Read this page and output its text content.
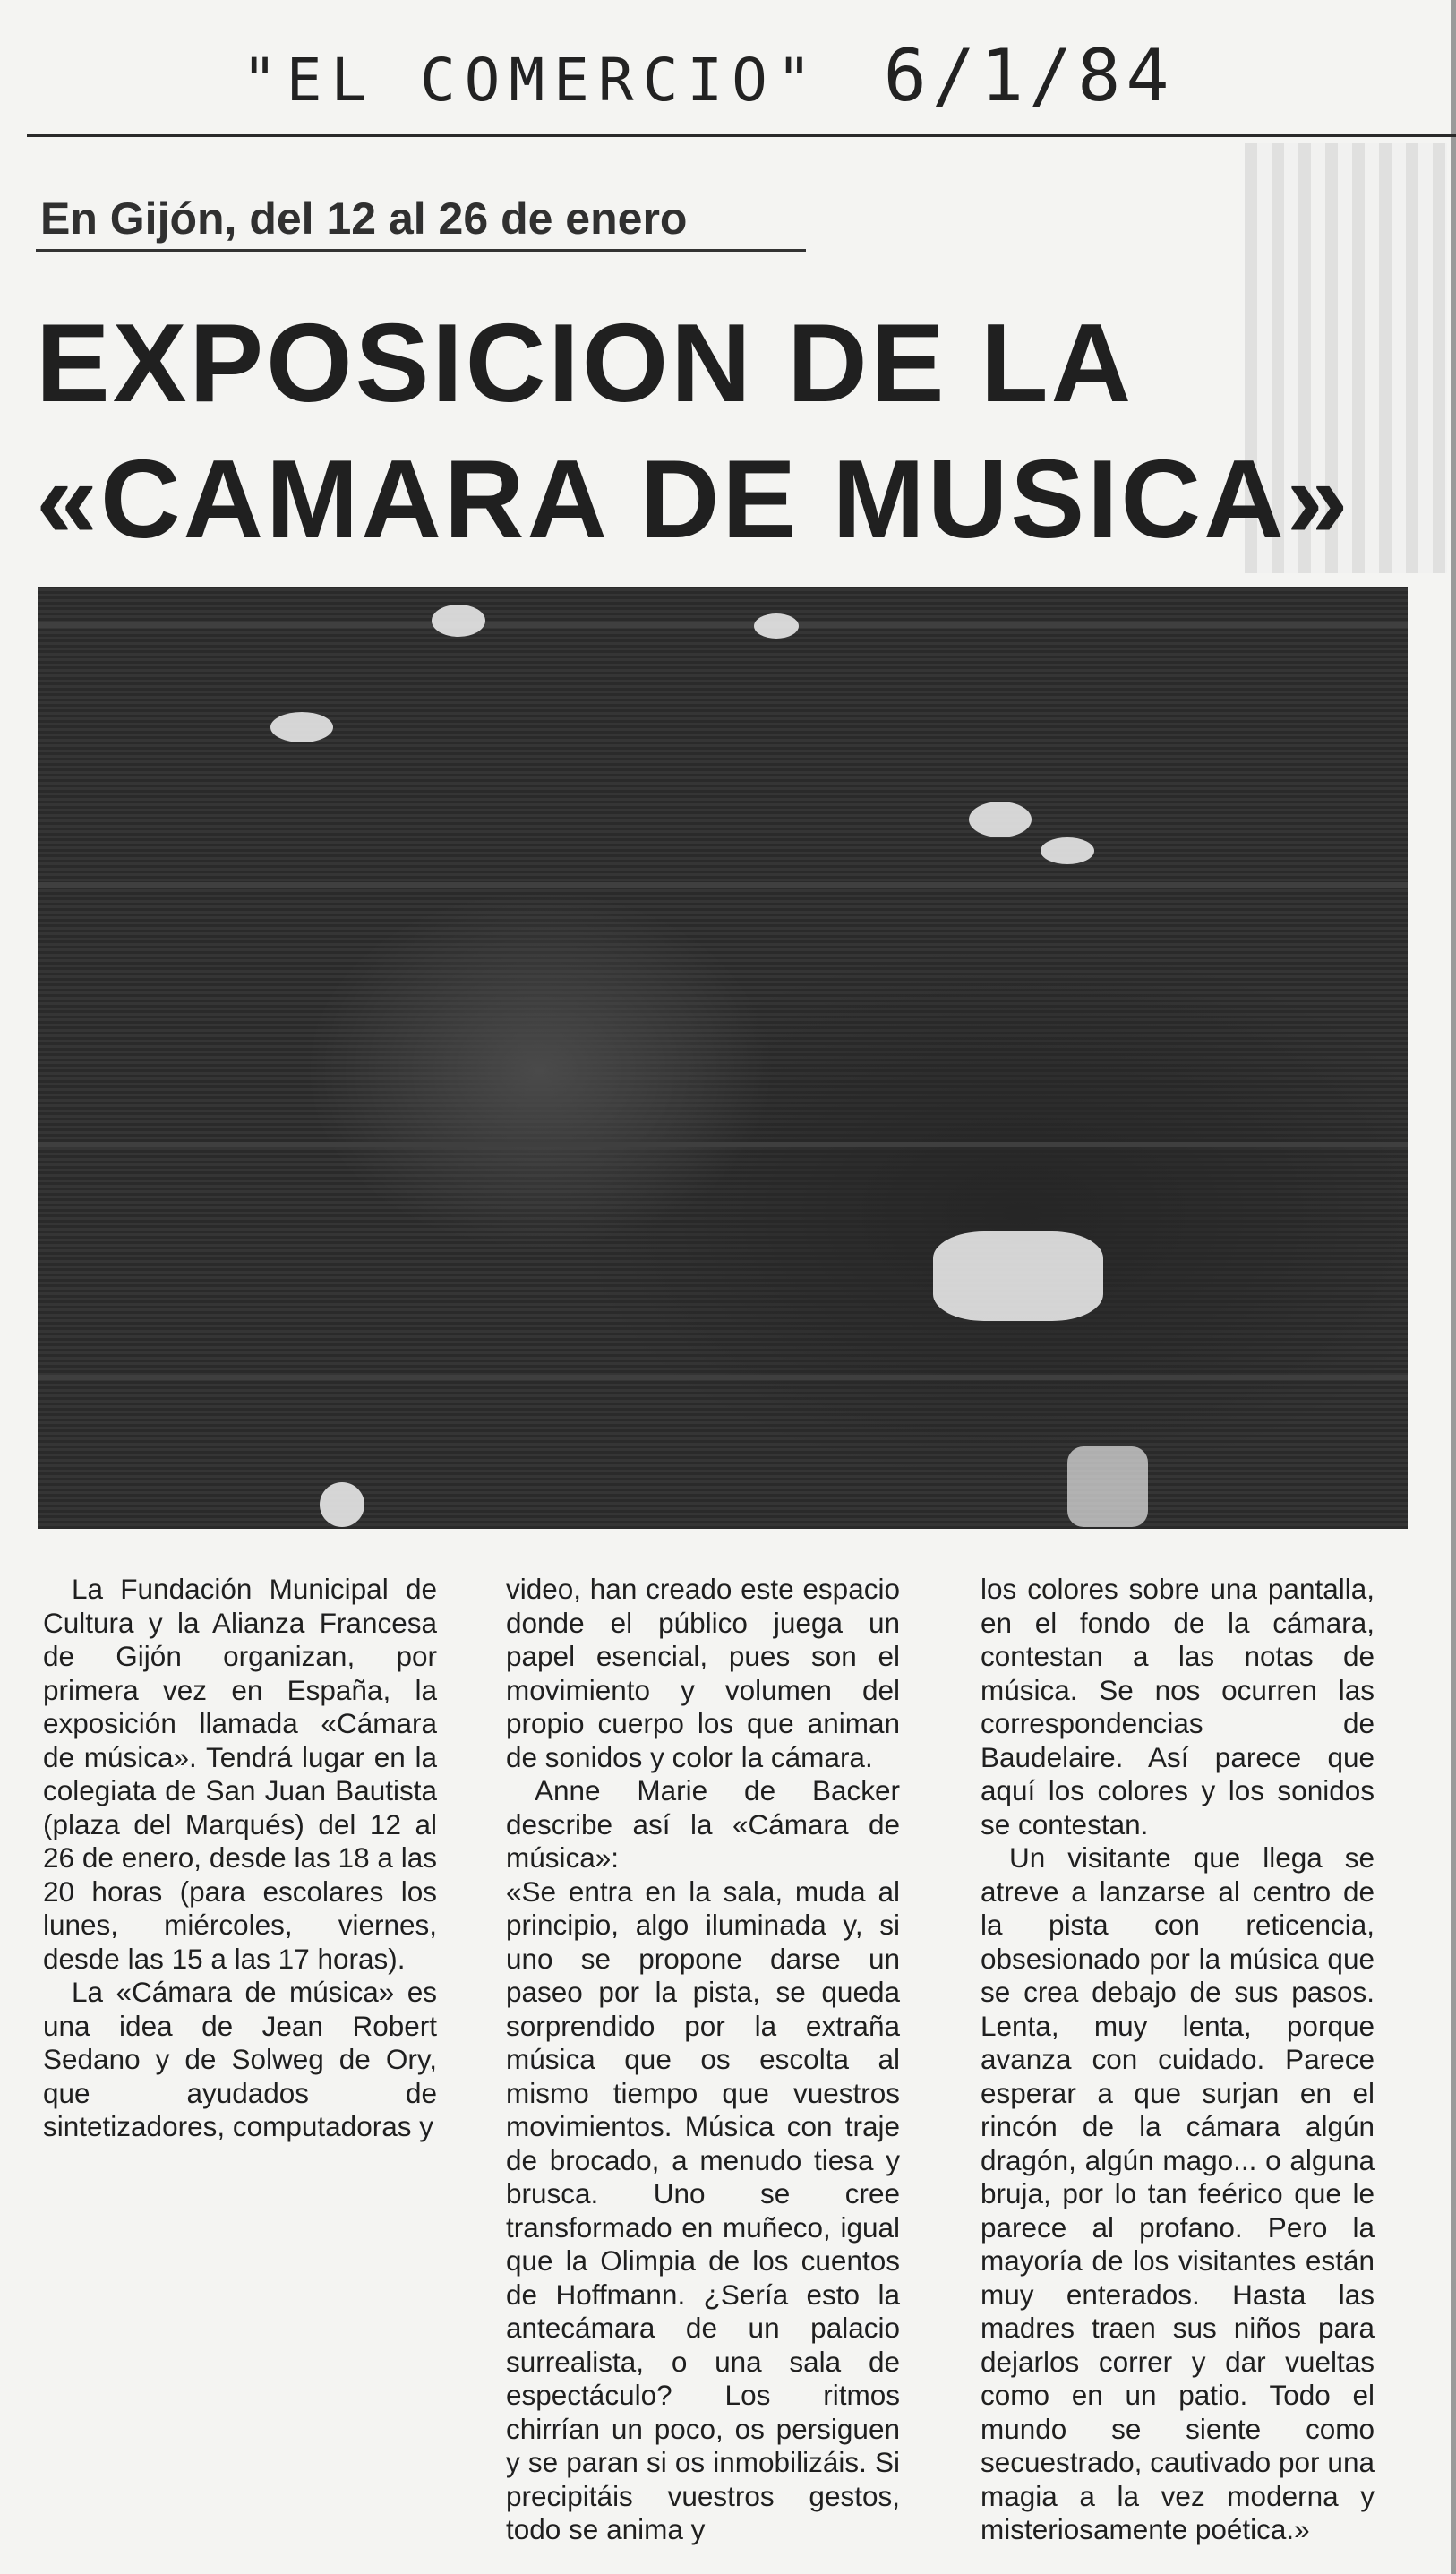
"EL COMERCIO" 6/1/84
En Gijón, del 12 al 26 de enero
EXPOSICION DE LA
«CAMARA DE MUSICA»

La Fundación Municipal de Cultura y la Alianza Francesa de Gijón organizan, por primera vez en España, la exposición llamada «Cámara de música». Tendrá lugar en la colegiata de San Juan Bautista (plaza del Marqués) del 12 al 26 de enero, desde las 18 a las 20 horas (para escolares los lunes, miércoles, viernes, desde las 15 a las 17 horas).

La «Cámara de música» es una idea de Jean Robert Sedano y de Solweg de Ory, que ayudados de sintetizadores, computadoras y

video, han creado este espacio donde el público juega un papel esencial, pues son el movimiento y volumen del propio cuerpo los que animan de sonidos y color la cámara.

Anne Marie de Backer describe así la «Cámara de música»:

«Se entra en la sala, muda al principio, algo iluminada y, si uno se propone darse un paseo por la pista, se queda sorprendido por la extraña música que os escolta al mismo tiempo que vuestros movimientos. Música con traje de brocado, a menudo tiesa y brusca. Uno se cree transformado en muñeco, igual que la Olimpia de los cuentos de Hoffmann. ¿Sería esto la antecámara de un palacio surrealista, o una sala de espectáculo? Los ritmos chirrían un poco, os persiguen y se paran si os inmobilizáis. Si precipitáis vuestros gestos, todo se anima y

los colores sobre una pantalla, en el fondo de la cámara, contestan a las notas de música. Se nos ocurren las correspondencias de Baudelaire. Así parece que aquí los colores y los sonidos se contestan.

Un visitante que llega se atreve a lanzarse al centro de la pista con reticencia, obsesionado por la música que se crea debajo de sus pasos. Lenta, muy lenta, porque avanza con cuidado. Parece esperar a que surjan en el rincón de la cámara algún dragón, algún mago... o alguna bruja, por lo tan feérico que le parece al profano. Pero la mayoría de los visitantes están muy enterados. Hasta las madres traen sus niños para dejarlos correr y dar vueltas como en un patio. Todo el mundo se siente como secuestrado, cautivado por una magia a la vez moderna y misteriosamente poética.»
